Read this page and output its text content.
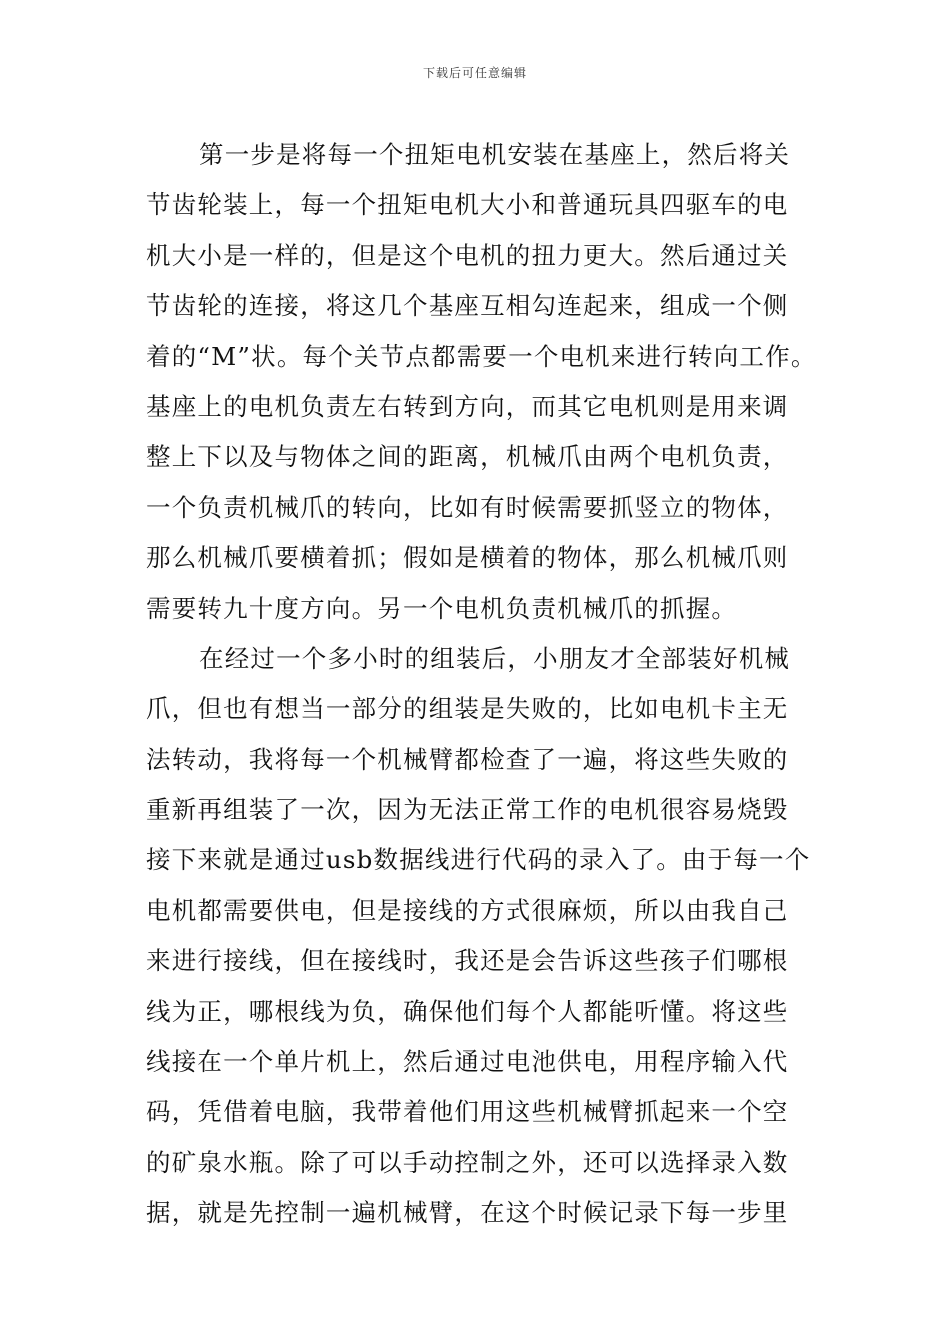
下载后可任意编辑
第一步是将每一个扭矩电机安装在基座上，然后将关
节齿轮装上，每一个扭矩电机大小和普通玩具四驱车的电
机大小是一样的，但是这个电机的扭力更大。然后通过关
节齿轮的连接，将这几个基座互相勾连起来，组成一个侧
着的“M”状。每个关节点都需要一个电机来进行转向工作。
基座上的电机负责左右转到方向，而其它电机则是用来调
整上下以及与物体之间的距离，机械爪由两个电机负责，
一个负责机械爪的转向，比如有时候需要抓竖立的物体，
那么机械爪要横着抓；假如是横着的物体，那么机械爪则
需要转九十度方向。另一个电机负责机械爪的抓握。
在经过一个多小时的组装后，小朋友才全部装好机械
爪，但也有想当一部分的组装是失败的，比如电机卡主无
法转动，我将每一个机械臂都检查了一遍，将这些失败的
重新再组装了一次，因为无法正常工作的电机很容易烧毁
接下来就是通过usb数据线进行代码的录入了。由于每一个
电机都需要供电，但是接线的方式很麻烦，所以由我自己
来进行接线，但在接线时，我还是会告诉这些孩子们哪根
线为正，哪根线为负，确保他们每个人都能听懂。将这些
线接在一个单片机上，然后通过电池供电，用程序输入代
码，凭借着电脑，我带着他们用这些机械臂抓起来一个空
的矿泉水瓶。除了可以手动控制之外，还可以选择录入数
据，就是先控制一遍机械臂，在这个时候记录下每一步里
